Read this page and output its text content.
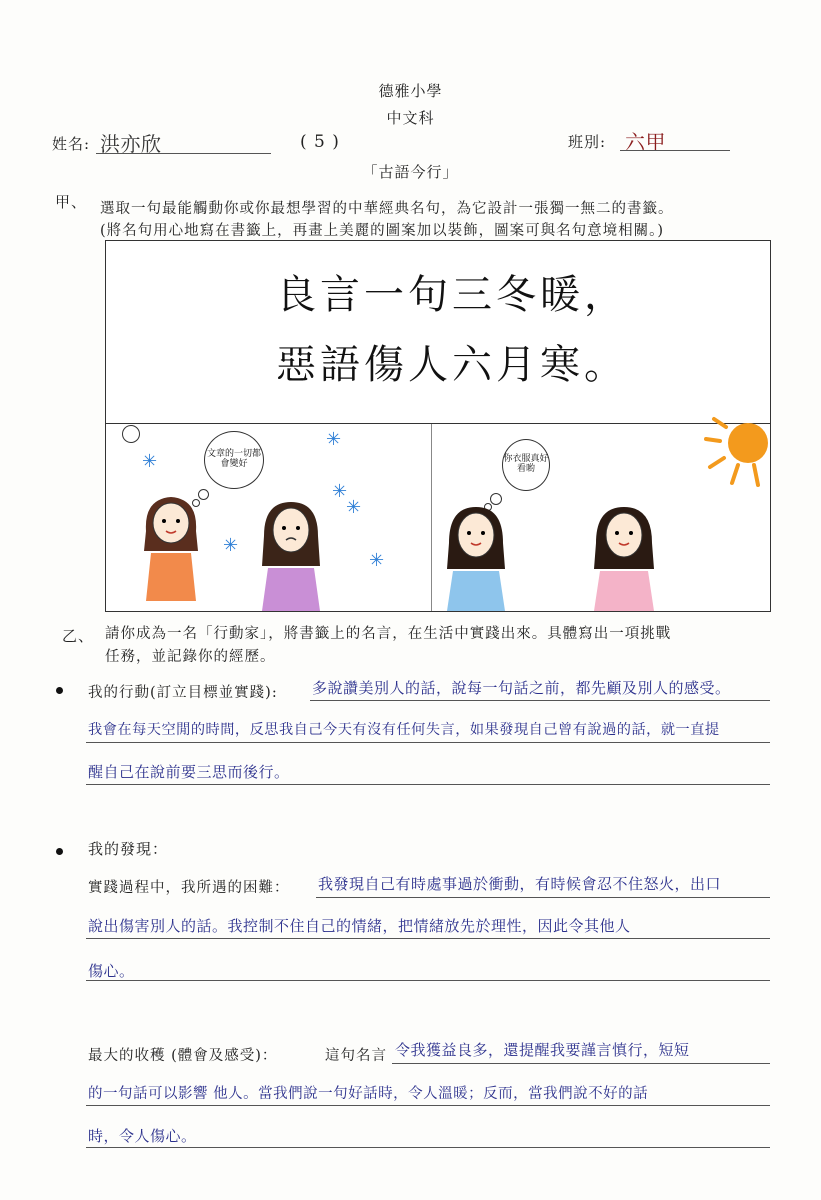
德雅小學
中文科
姓名: 洪亦欣	( 5 )	班別: 六甲
「古語今行」
甲、 選取一句最能觸動你或你最想學習的中華經典名句，為它設計一張獨一無二的書籤。
(將名句用心地寫在書籤上，再畫上美麗的圖案加以裝飾，圖案可與名句意境相關。)
良言一句三冬暖，
惡語傷人六月寒。
✳
✳
✳
✳
✳
✳
文章的一切都會變好	你衣服真好看喲
乙、 請你成為一名「行動家」，將書籤上的名言，在生活中實踐出來。具體寫出一項挑戰
任務，並記錄你的經歷。
我的行動(訂立目標並實踐): 多說讚美別人的話，說每一句話之前，都先顧及別人的感受。
我會在每天空閒的時間，反思我自己今天有沒有任何失言，如果發現自己曾有說過的話，就一直提
醒自己在說前要三思而後行。
我的發現：
實踐過程中，我所遇的困難： 我發現自己有時處事過於衝動，有時候會忍不住怒火，出口
說出傷害別人的話。我控制不住自己的情緒，把情緒放先於理性，因此令其他人
傷心。
最大的收穫 (體會及感受)：	這句名言 令我獲益良多，還提醒我要謹言慎行，短短
的一句話可以影響 他人。當我們說一句好話時，令人溫暖；反而，當我們說不好的話
時，令人傷心。
